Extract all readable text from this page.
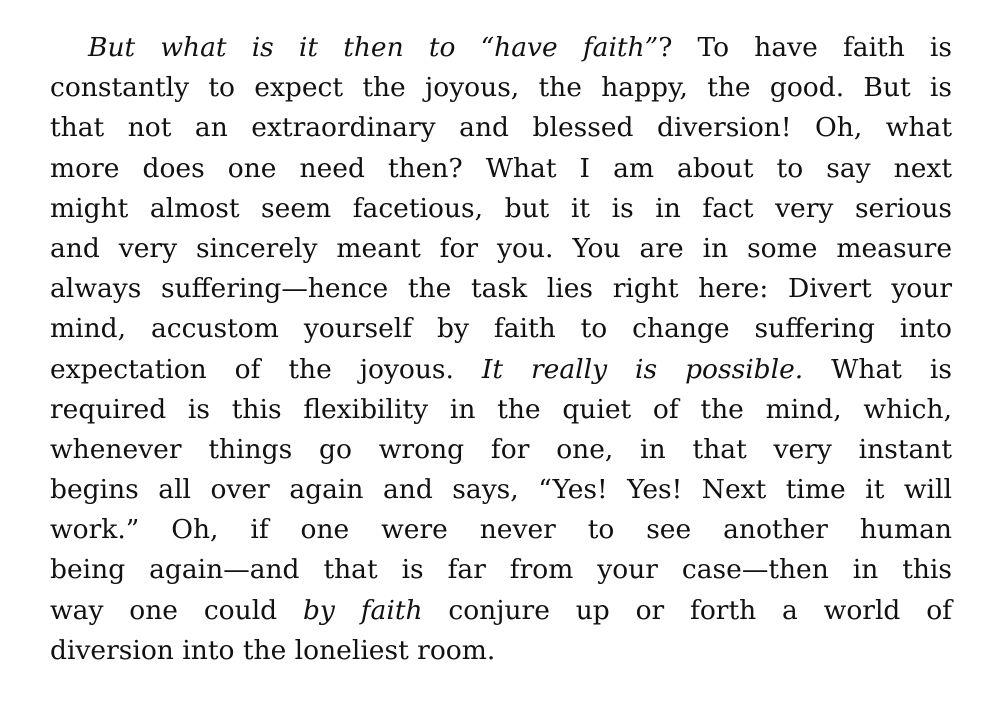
But what is it then to “have faith”? To have faith is
constantly to expect the joyous, the happy, the good. But is
that not an extraordinary and blessed diversion! Oh, what
more does one need then? What I am about to say next
might almost seem facetious, but it is in fact very serious
and very sincerely meant for you. You are in some measure
always suffering—hence the task lies right here: Divert your
mind, accustom yourself by faith to change suffering into
expectation of the joyous. It really is possible. What is
required is this flexibility in the quiet of the mind, which,
whenever things go wrong for one, in that very instant
begins all over again and says, “Yes! Yes! Next time it will
work.” Oh, if one were never to see another human
being again—and that is far from your case—then in this
way one could by faith conjure up or forth a world of
diversion into the loneliest room.
